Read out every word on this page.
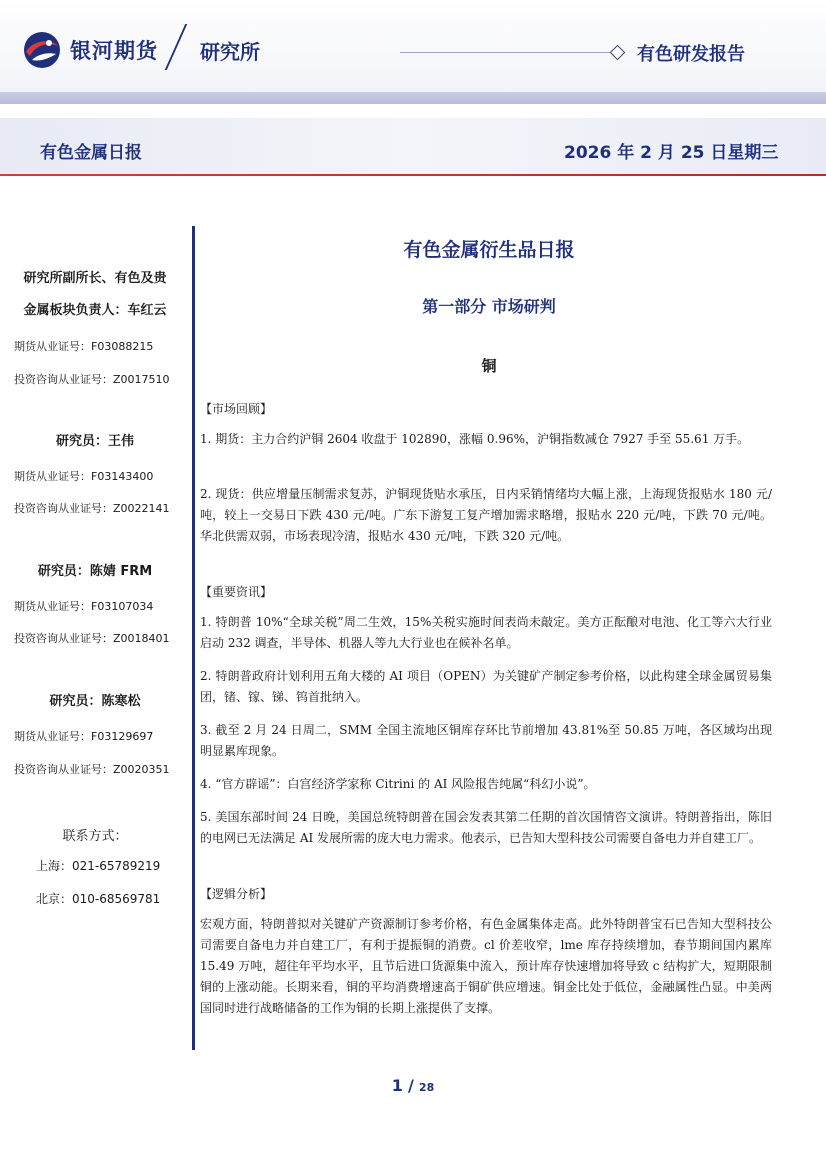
银河期货 研究所	有色研发报告
有色金属日报	2026 年 2 月 25 日星期三
研究所副所长、有色及贵
金属板块负责人：车红云
期货从业证号：F03088215
投资咨询从业证号：Z0017510
研究员：王伟
期货从业证号：F03143400
投资咨询从业证号：Z0022141
研究员：陈婧 FRM
期货从业证号：F03107034
投资咨询从业证号：Z0018401
研究员：陈寒松
期货从业证号：F03129697
投资咨询从业证号：Z0020351
联系方式：
上海：021-65789219
北京：010-68569781
有色金属衍生品日报
第一部分 市场研判
铜
【市场回顾】
1. 期货：主力合约沪铜 2604 收盘于 102890，涨幅 0.96%，沪铜指数减仓 7927 手至 55.61 万手。
2. 现货：供应增量压制需求复苏，沪铜现货贴水承压，日内采销情绪均大幅上涨，上海现货报贴水 180 元/吨，较上一交易日下跌 430 元/吨。广东下游复工复产增加需求略增，报贴水 220 元/吨，下跌 70 元/吨。华北供需双弱，市场表现冷清，报贴水 430 元/吨，下跌 320 元/吨。
【重要资讯】
1. 特朗普 10%“全球关税”周二生效，15%关税实施时间表尚未敲定。美方正酝酿对电池、化工等六大行业启动 232 调查，半导体、机器人等九大行业也在候补名单。
2. 特朗普政府计划利用五角大楼的 AI 项目（OPEN）为关键矿产制定参考价格，以此构建全球金属贸易集团，锗、镓、锑、钨首批纳入。
3. 截至 2 月 24 日周二，SMM 全国主流地区铜库存环比节前增加 43.81%至 50.85 万吨，各区域均出现明显累库现象。
4. “官方辟谣”：白宫经济学家称 Citrini 的 AI 风险报告纯属“科幻小说”。
5. 美国东部时间 24 日晚，美国总统特朗普在国会发表其第二任期的首次国情咨文演讲。特朗普指出，陈旧的电网已无法满足 AI 发展所需的庞大电力需求。他表示，已告知大型科技公司需要自备电力并自建工厂。
【逻辑分析】
宏观方面，特朗普拟对关键矿产资源制订参考价格，有色金属集体走高。此外特朗普宝石已告知大型科技公司需要自备电力并自建工厂，有利于提振铜的消费。cl 价差收窄，lme 库存持续增加，春节期间国内累库 15.49 万吨，超往年平均水平，且节后进口货源集中流入，预计库存快速增加将导致 c 结构扩大，短期限制铜的上涨动能。长期来看，铜的平均消费增速高于铜矿供应增速。铜金比处于低位，金融属性凸显。中美两国同时进行战略储备的工作为铜的长期上涨提供了支撑。
1 / 28
